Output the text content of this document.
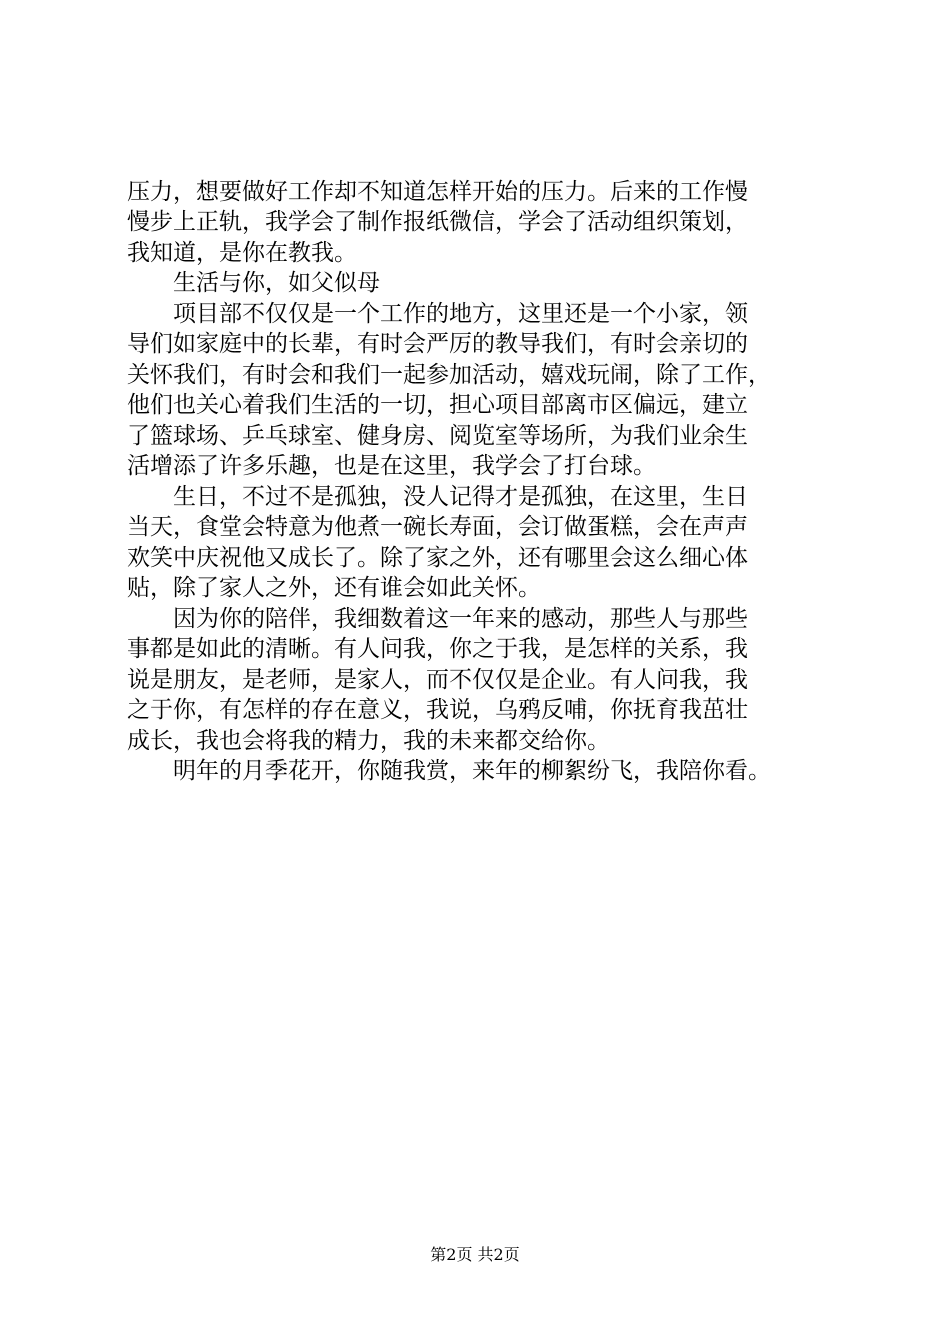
压力，想要做好工作却不知道怎样开始的压力。后来的工作慢
慢步上正轨，我学会了制作报纸微信，学会了活动组织策划，
我知道，是你在教我。
　　生活与你，如父似母
　　项目部不仅仅是一个工作的地方，这里还是一个小家，领
导们如家庭中的长辈，有时会严厉的教导我们，有时会亲切的
关怀我们，有时会和我们一起参加活动，嬉戏玩闹，除了工作，
他们也关心着我们生活的一切，担心项目部离市区偏远，建立
了篮球场、乒乓球室、健身房、阅览室等场所，为我们业余生
活增添了许多乐趣，也是在这里，我学会了打台球。
　　生日，不过不是孤独，没人记得才是孤独，在这里，生日
当天，食堂会特意为他煮一碗长寿面，会订做蛋糕，会在声声
欢笑中庆祝他又成长了。除了家之外，还有哪里会这么细心体
贴，除了家人之外，还有谁会如此关怀。
　　因为你的陪伴，我细数着这一年来的感动，那些人与那些
事都是如此的清晰。有人问我，你之于我，是怎样的关系，我
说是朋友，是老师，是家人，而不仅仅是企业。有人问我，我
之于你，有怎样的存在意义，我说，乌鸦反哺，你抚育我茁壮
成长，我也会将我的精力，我的未来都交给你。
　　明年的月季花开，你随我赏，来年的柳絮纷飞，我陪你看。
第2页 共2页
